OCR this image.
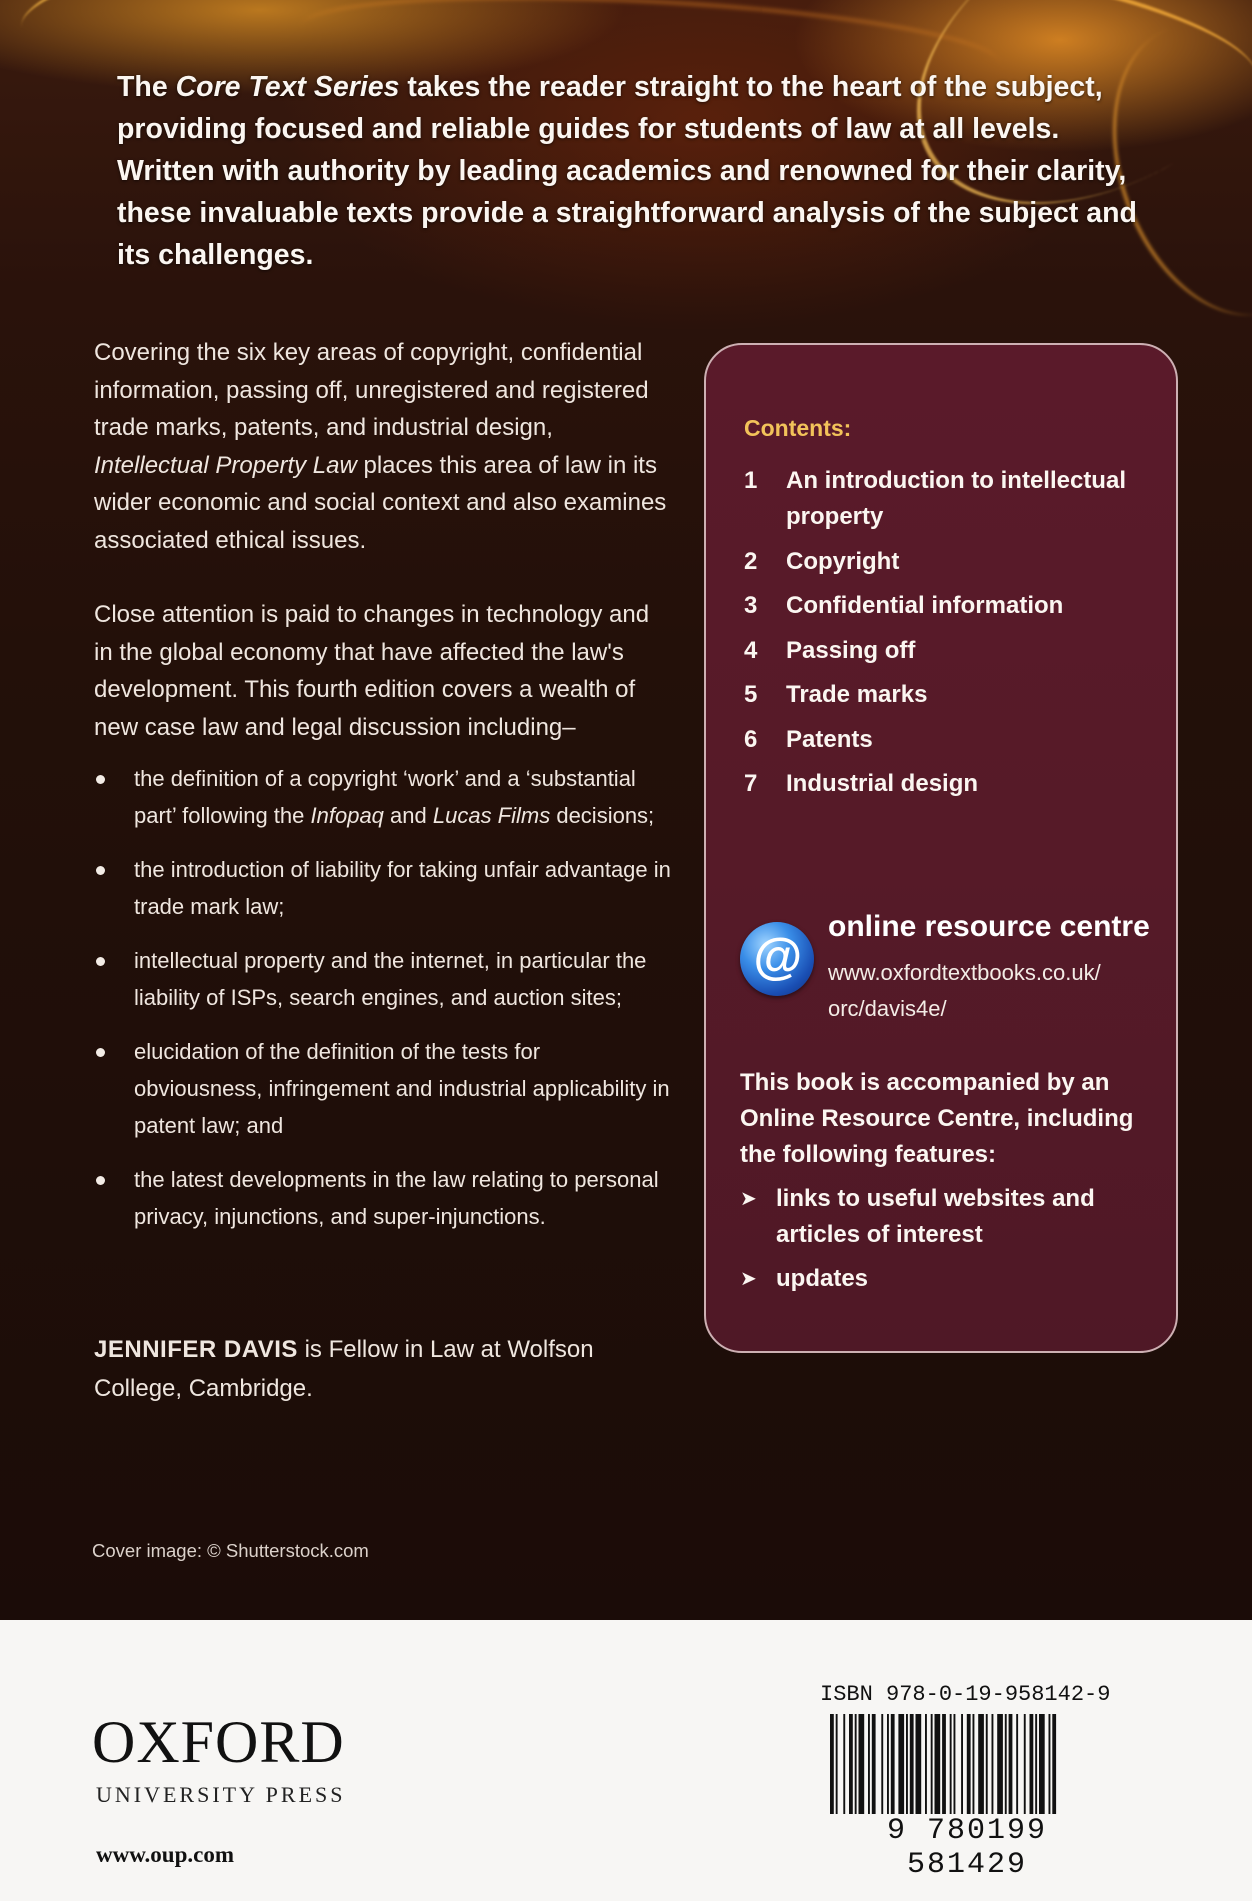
The Core Text Series takes the reader straight to the heart of the subject, providing focused and reliable guides for students of law at all levels. Written with authority by leading academics and renowned for their clarity, these invaluable texts provide a straightforward analysis of the subject and its challenges.

Covering the six key areas of copyright, confidential information, passing off, unregistered and registered trade marks, patents, and industrial design, Intellectual Property Law places this area of law in its wider economic and social context and also examines associated ethical issues.

Close attention is paid to changes in technology and in the global economy that have affected the law's development. This fourth edition covers a wealth of new case law and legal discussion including–

the definition of a copyright ‘work’ and a ‘substantial part’ following the Infopaq and Lucas Films decisions;
the introduction of liability for taking unfair advantage in trade mark law;
intellectual property and the internet, in particular the liability of ISPs, search engines, and auction sites;
elucidation of the definition of the tests for obviousness, infringement and industrial applicability in patent law; and
the latest developments in the law relating to personal privacy, injunctions, and super-injunctions.

JENNIFER DAVIS is Fellow in Law at Wolfson College, Cambridge.

Cover image: © Shutterstock.com

Contents:
1 An introduction to intellectual property
2 Copyright
3 Confidential information
4 Passing off
5 Trade marks
6 Patents
7 Industrial design
@
online resource centre
www.oxfordtextbooks.co.uk/
orc/davis4e/

This book is accompanied by an Online Resource Centre, including the following features:

➤ links to useful websites and articles of interest
➤ updates
OXFORD
UNIVERSITY PRESS
www.oup.com
ISBN 978-0-19-958142-9
9 780199 581429
